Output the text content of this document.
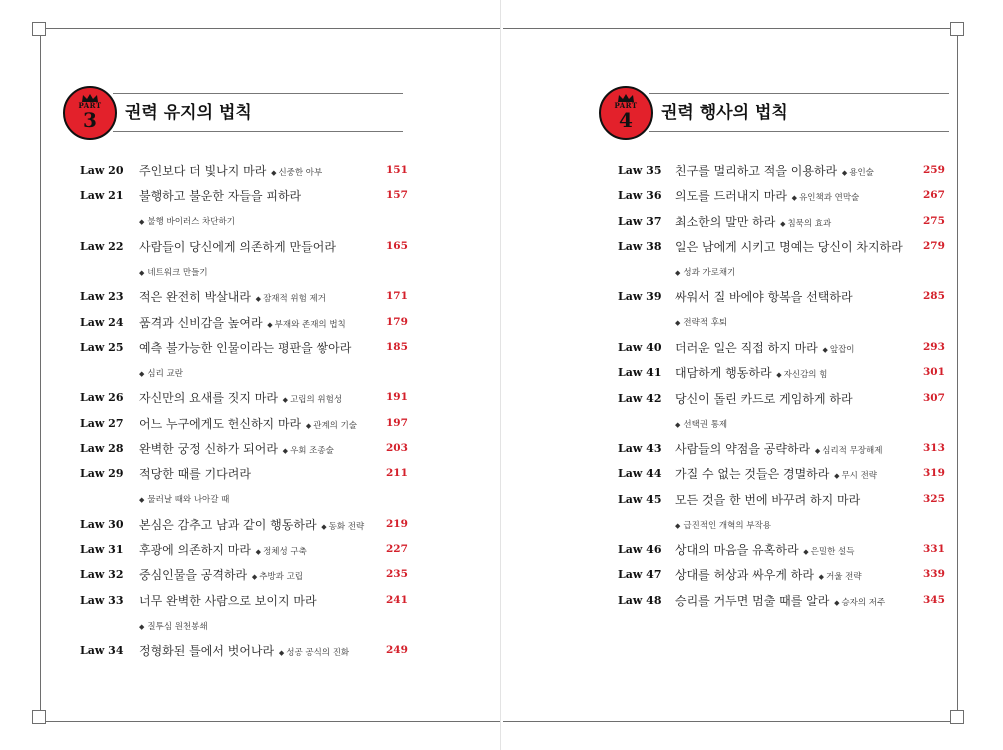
PART
3 권력 유지의 법칙
Law 20 주인보다 더 빛나지 마라 ◆ 신중한 아부	151
Law 21 불행하고 불운한 자들을 피하라	157
◆ 불행 바이러스 차단하기
Law 22 사람들이 당신에게 의존하게 만들어라	165
◆ 네트워크 만들기
Law 23 적은 완전히 박살내라 ◆ 잠재적 위험 제거	171
Law 24 품격과 신비감을 높여라 ◆ 부재와 존재의 법칙	179
Law 25 예측 불가능한 인물이라는 평판을 쌓아라	185
◆ 심리 교란
Law 26 자신만의 요새를 짓지 마라 ◆ 고립의 위험성	191
Law 27 어느 누구에게도 헌신하지 마라 ◆ 관계의 기술	197
Law 28 완벽한 궁정 신하가 되어라 ◆ 우회 조종술	203
Law 29 적당한 때를 기다려라	211
◆ 물러날 때와 나아갈 때
Law 30 본심은 감추고 남과 같이 행동하라 ◆ 동화 전략 219
Law 31 후광에 의존하지 마라 ◆ 정체성 구축	227
Law 32 중심인물을 공격하라 ◆ 추방과 고립	235
Law 33 너무 완벽한 사람으로 보이지 마라	241
◆ 질투심 원천봉쇄
Law 34 정형화된 틀에서 벗어나라 ◆ 성공 공식의 진화	249
PART
4 권력 행사의 법칙
Law 35 친구를 멀리하고 적을 이용하라 ◆ 용인술	259
Law 36 의도를 드러내지 마라 ◆ 유인책과 연막술	267
Law 37 최소한의 말만 하라 ◆ 침묵의 효과	275
Law 38 일은 남에게 시키고 명예는 당신이 차지하라 279
◆ 성과 가로채기
Law 39 싸워서 질 바에야 항복을 선택하라	285
◆ 전략적 후퇴
Law 40 더러운 일은 직접 하지 마라 ◆ 앞잡이	293
Law 41 대담하게 행동하라 ◆ 자신감의 힘	301
Law 42 당신이 돌린 카드로 게임하게 하라	307
◆ 선택권 통제
Law 43 사람들의 약점을 공략하라 ◆ 심리적 무장해제	313
Law 44 가질 수 없는 것들은 경멸하라 ◆ 무시 전략	319
Law 45 모든 것을 한 번에 바꾸려 하지 마라	325
◆ 급진적인 개혁의 부작용
Law 46 상대의 마음을 유혹하라 ◆ 은밀한 설득	331
Law 47 상대를 허상과 싸우게 하라 ◆ 거울 전략	339
Law 48 승리를 거두면 멈출 때를 알라 ◆ 승자의 저주	345
